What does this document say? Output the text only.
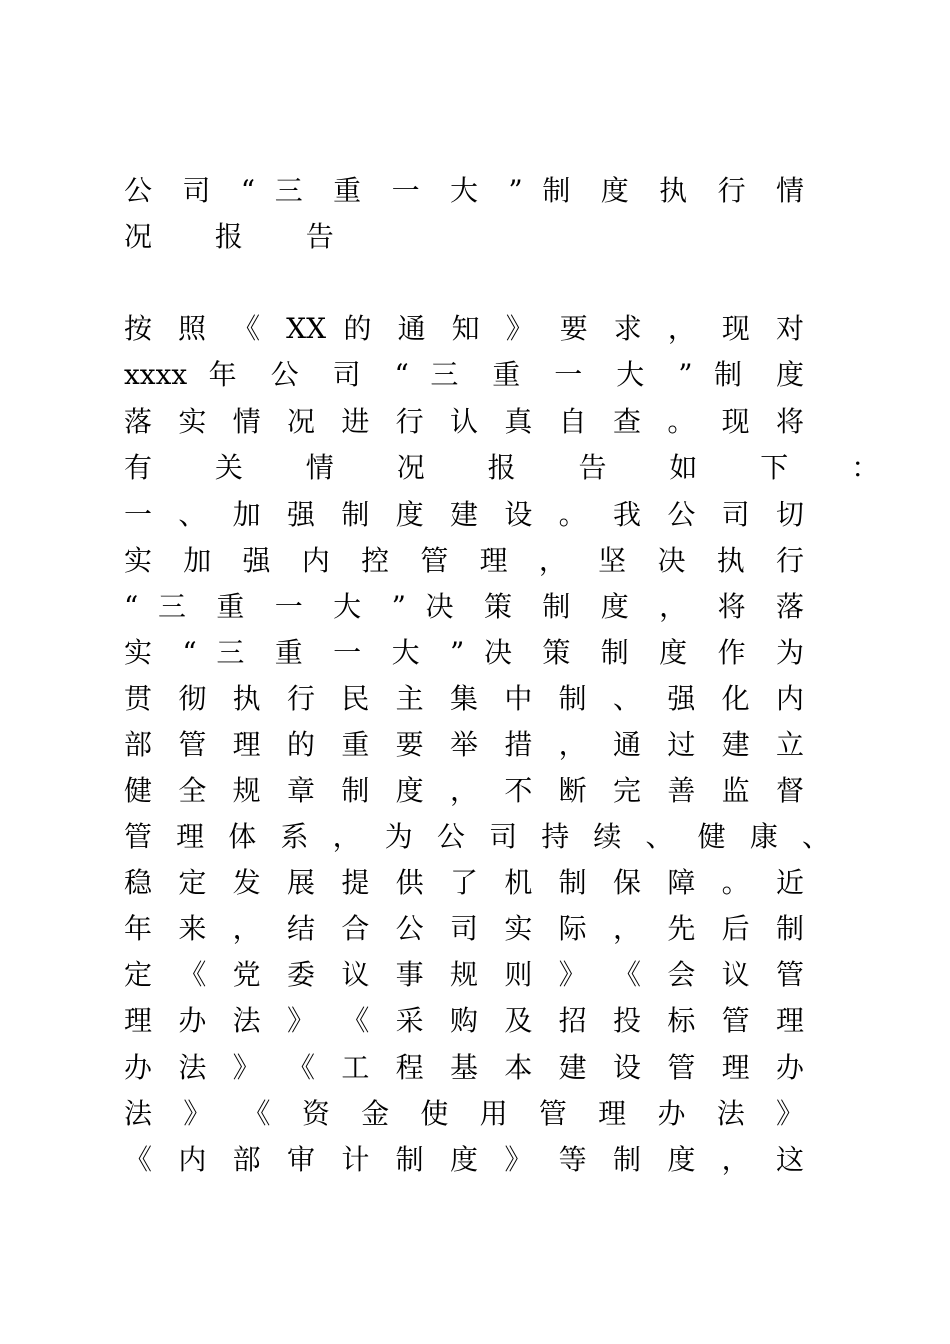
公 司 “ 三 重 一 大 ” 制 度 执 行 情
况 报 告
按 照 《 XX 的 通 知 》 要 求 ， 现 对
xxxx 年 公 司 “ 三 重 一 大 ” 制 度
落 实 情 况 进 行 认 真 自 查 。 现 将
有 关 情 况 报 告 如 下 ：
一 、 加 强 制 度 建 设 。 我 公 司 切
实 加 强 内 控 管 理 ， 坚 决 执 行
“ 三 重 一 大 ” 决 策 制 度 ， 将 落
实 “ 三 重 一 大 ” 决 策 制 度 作 为
贯 彻 执 行 民 主 集 中 制 、 强 化 内
部 管 理 的 重 要 举 措 ， 通 过 建 立
健 全 规 章 制 度 ， 不 断 完 善 监 督
管 理 体 系 ， 为 公 司 持 续 、 健 康 、
稳 定 发 展 提 供 了 机 制 保 障 。 近
年 来 ， 结 合 公 司 实 际 ， 先 后 制
定 《 党 委 议 事 规 则 》 《 会 议 管
理 办 法 》 《 采 购 及 招 投 标 管 理
办 法 》 《 工 程 基 本 建 设 管 理 办
法 》 《 资 金 使 用 管 理 办 法 》
《 内 部 审 计 制 度 》 等 制 度 ， 这
